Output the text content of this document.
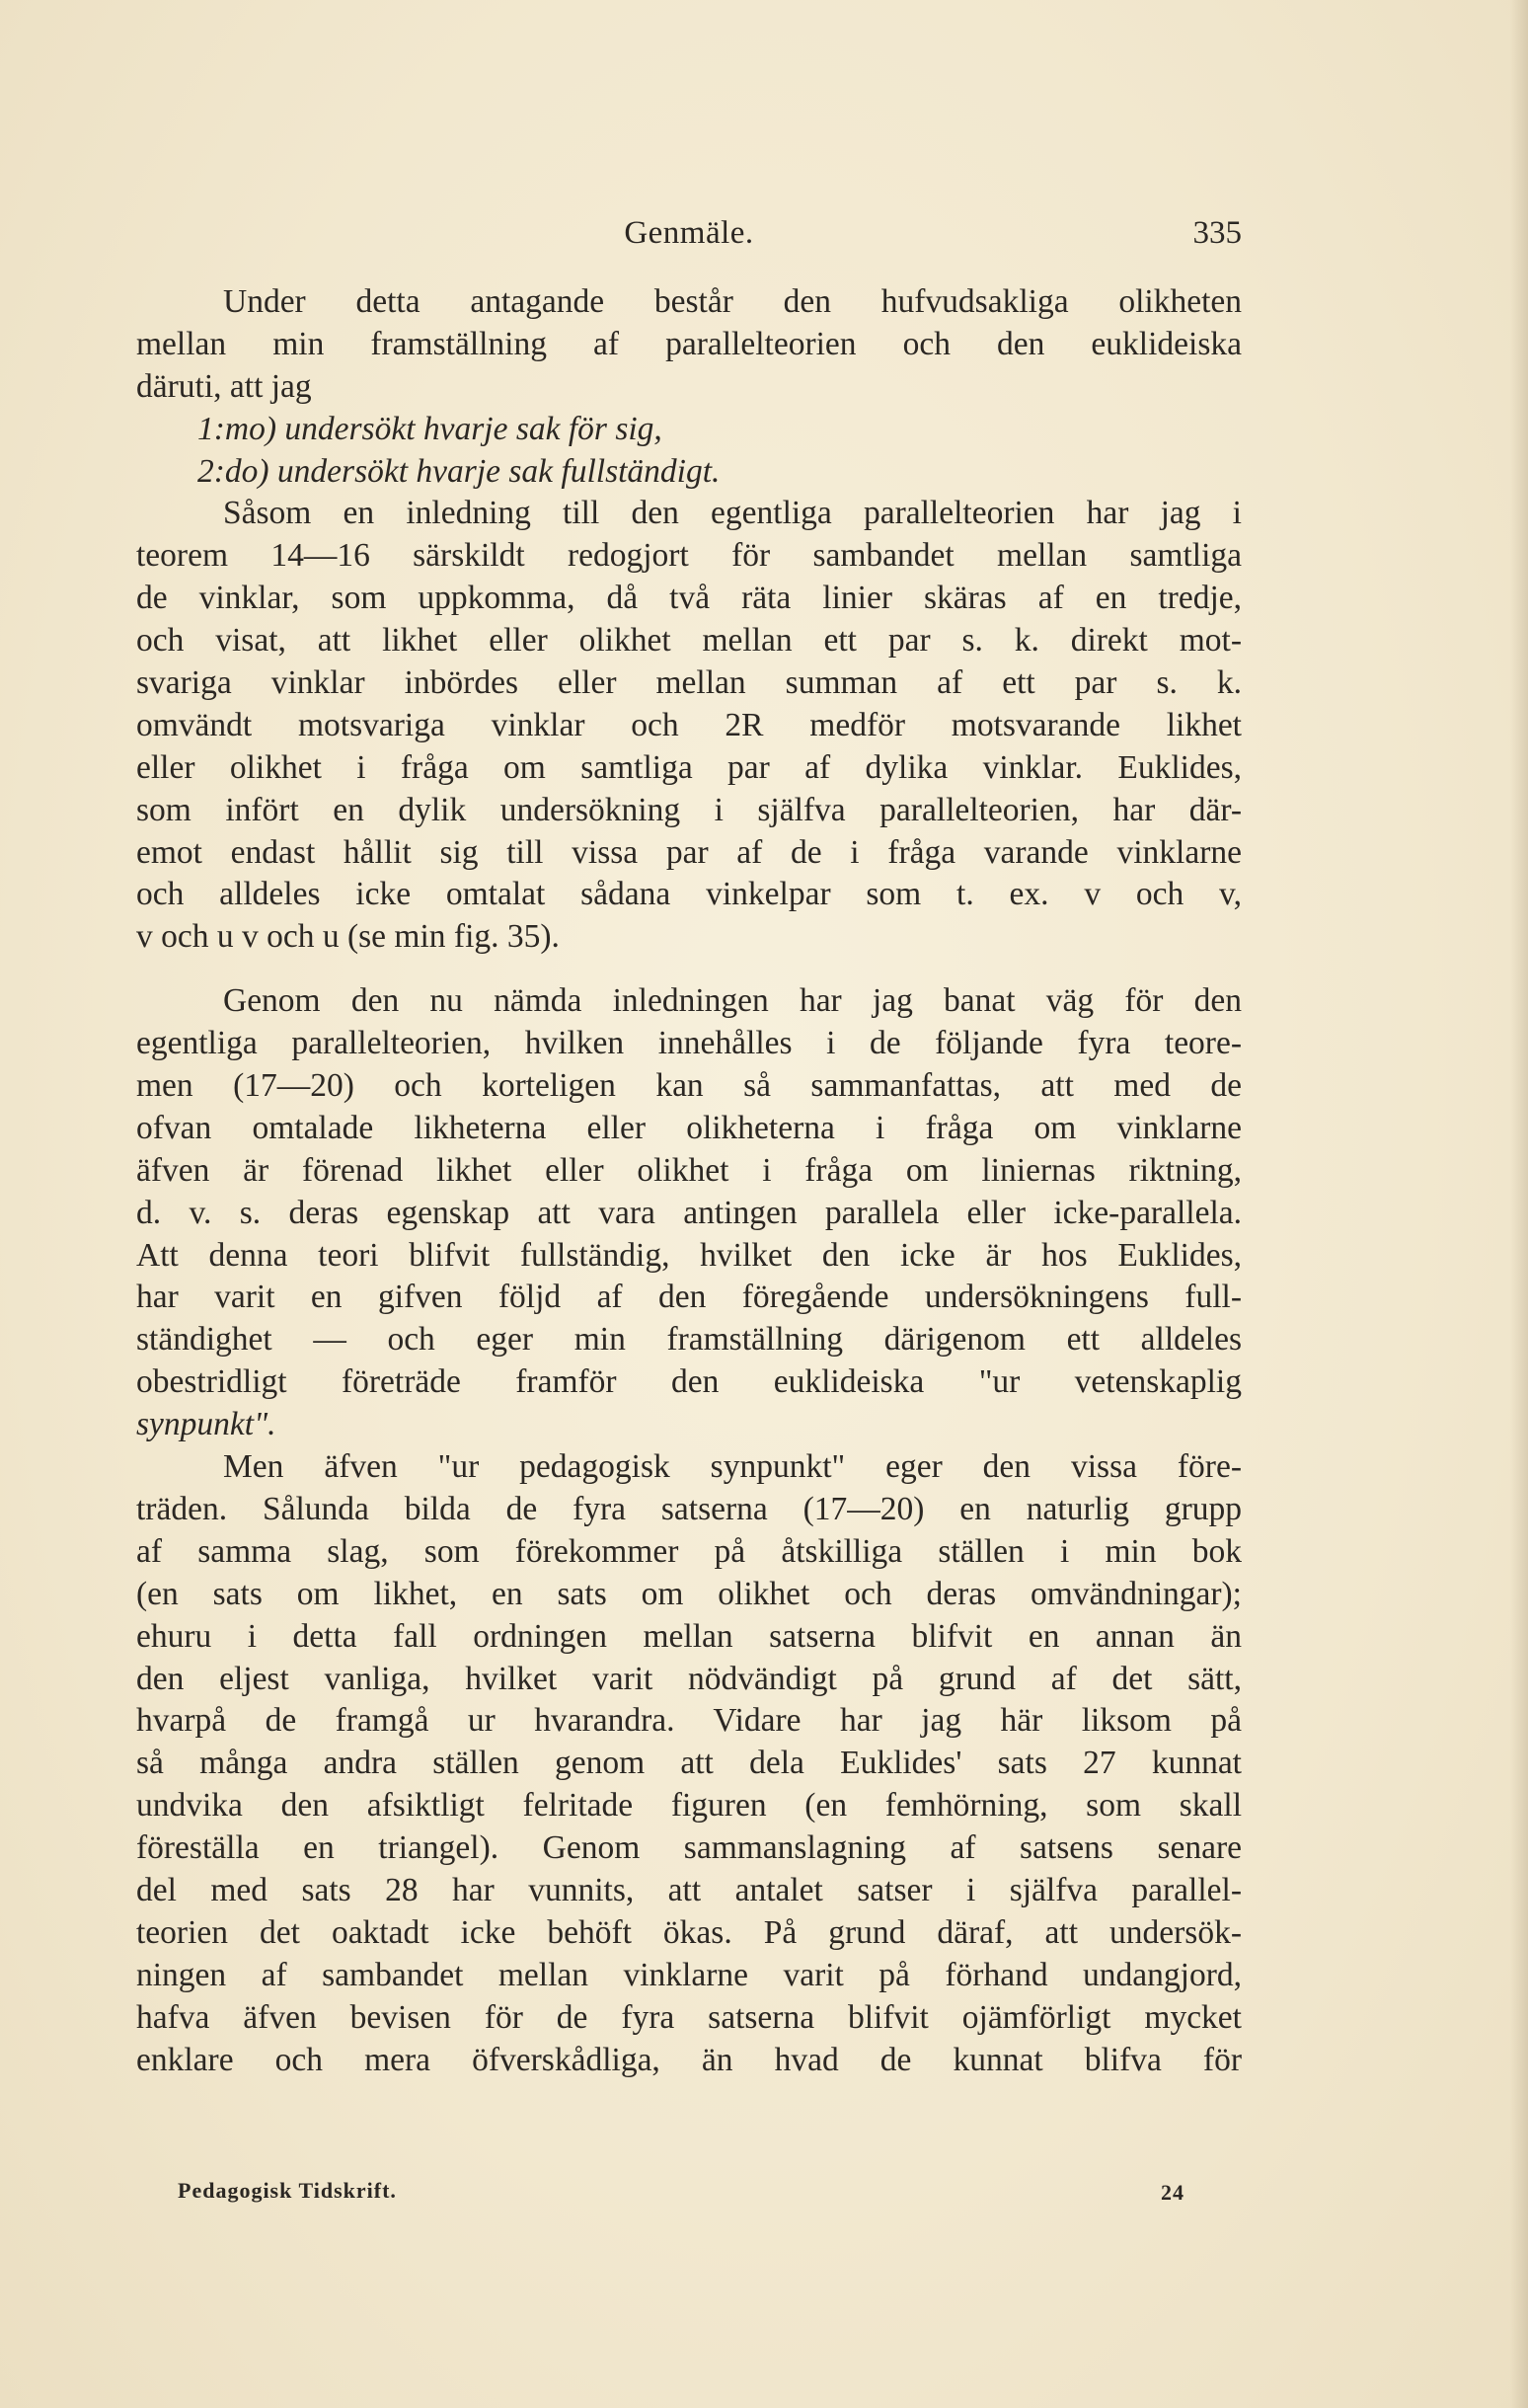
Genmäle.	335
Under detta antagande består den hufvudsakliga olikheten
mellan min framställning af parallelteorien och den euklideiska
däruti, att jag
1:mo) undersökt hvarje sak för sig,
2:do) undersökt hvarje sak fullständigt.
Såsom en inledning till den egentliga parallelteorien har jag i
teorem 14—16 särskildt redogjort för sambandet mellan samtliga
de vinklar, som uppkomma, då två räta linier skäras af en tredje,
och visat, att likhet eller olikhet mellan ett par s. k. direkt mot-
svariga vinklar inbördes eller mellan summan af ett par s. k.
omvändt motsvariga vinklar och 2R medför motsvarande likhet
eller olikhet i fråga om samtliga par af dylika vinklar. Euklides,
som infört en dylik undersökning i själfva parallelteorien, har där-
emot endast hållit sig till vissa par af de i fråga varande vinklarne
och alldeles icke omtalat sådana vinkelpar som t. ex. v och v,
v och u v och u (se min fig. 35).
Genom den nu nämda inledningen har jag banat väg för den
egentliga parallelteorien, hvilken innehålles i de följande fyra teore-
men (17—20) och korteligen kan så sammanfattas, att med de
ofvan omtalade likheterna eller olikheterna i fråga om vinklarne
äfven är förenad likhet eller olikhet i fråga om liniernas riktning,
d. v. s. deras egenskap att vara antingen parallela eller icke-parallela.
Att denna teori blifvit fullständig, hvilket den icke är hos Euklides,
har varit en gifven följd af den föregående undersökningens full-
ständighet — och eger min framställning därigenom ett alldeles
obestridligt företräde framför den euklideiska "ur vetenskaplig
synpunkt".
Men äfven "ur pedagogisk synpunkt" eger den vissa före-
träden. Sålunda bilda de fyra satserna (17—20) en naturlig grupp
af samma slag, som förekommer på åtskilliga ställen i min bok
(en sats om likhet, en sats om olikhet och deras omvändningar);
ehuru i detta fall ordningen mellan satserna blifvit en annan än
den eljest vanliga, hvilket varit nödvändigt på grund af det sätt,
hvarpå de framgå ur hvarandra. Vidare har jag här liksom på
så många andra ställen genom att dela Euklides' sats 27 kunnat
undvika den afsiktligt felritade figuren (en femhörning, som skall
föreställa en triangel). Genom sammanslagning af satsens senare
del med sats 28 har vunnits, att antalet satser i själfva parallel-
teorien det oaktadt icke behöft ökas. På grund däraf, att undersök-
ningen af sambandet mellan vinklarne varit på förhand undangjord,
hafva äfven bevisen för de fyra satserna blifvit ojämförligt mycket
enklare och mera öfverskådliga, än hvad de kunnat blifva för
Pedagogisk Tidskrift.	24
